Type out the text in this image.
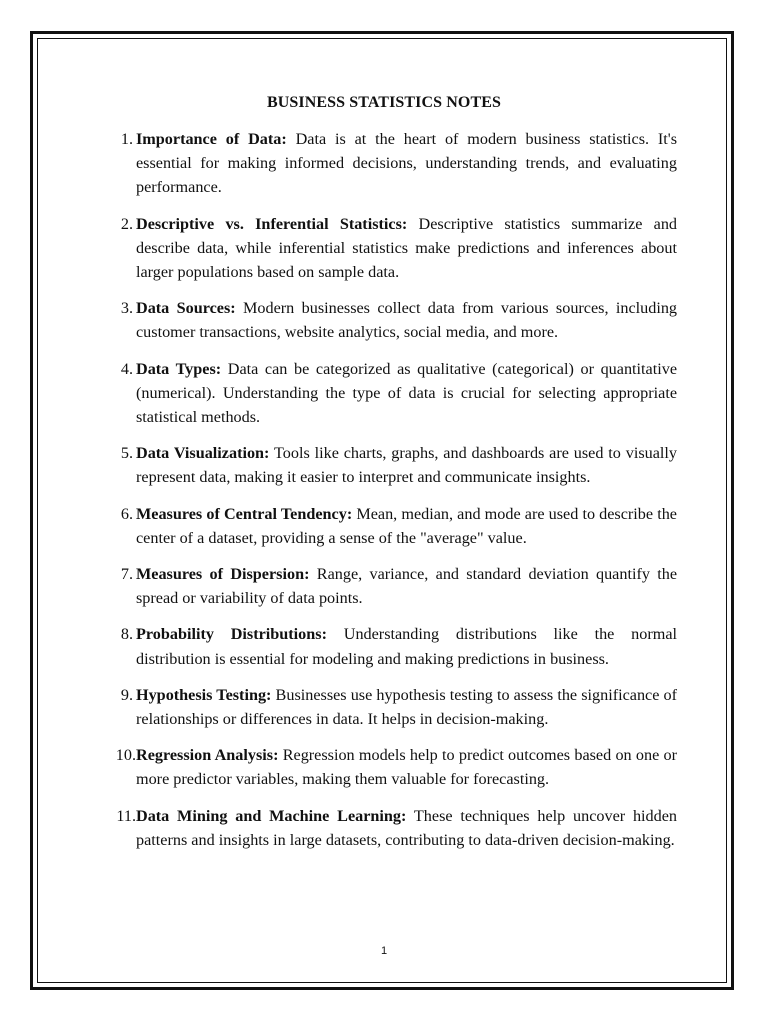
BUSINESS STATISTICS NOTES
1. Importance of Data: Data is at the heart of modern business statistics. It's essential for making informed decisions, understanding trends, and evaluating performance.
2. Descriptive vs. Inferential Statistics: Descriptive statistics summarize and describe data, while inferential statistics make predictions and inferences about larger populations based on sample data.
3. Data Sources: Modern businesses collect data from various sources, including customer transactions, website analytics, social media, and more.
4. Data Types: Data can be categorized as qualitative (categorical) or quantitative (numerical). Understanding the type of data is crucial for selecting appropriate statistical methods.
5. Data Visualization: Tools like charts, graphs, and dashboards are used to visually represent data, making it easier to interpret and communicate insights.
6. Measures of Central Tendency: Mean, median, and mode are used to describe the center of a dataset, providing a sense of the "average" value.
7. Measures of Dispersion: Range, variance, and standard deviation quantify the spread or variability of data points.
8. Probability Distributions: Understanding distributions like the normal distribution is essential for modeling and making predictions in business.
9. Hypothesis Testing: Businesses use hypothesis testing to assess the significance of relationships or differences in data. It helps in decision-making.
10. Regression Analysis: Regression models help to predict outcomes based on one or more predictor variables, making them valuable for forecasting.
11. Data Mining and Machine Learning: These techniques help uncover hidden patterns and insights in large datasets, contributing to data-driven decision-making.
1
